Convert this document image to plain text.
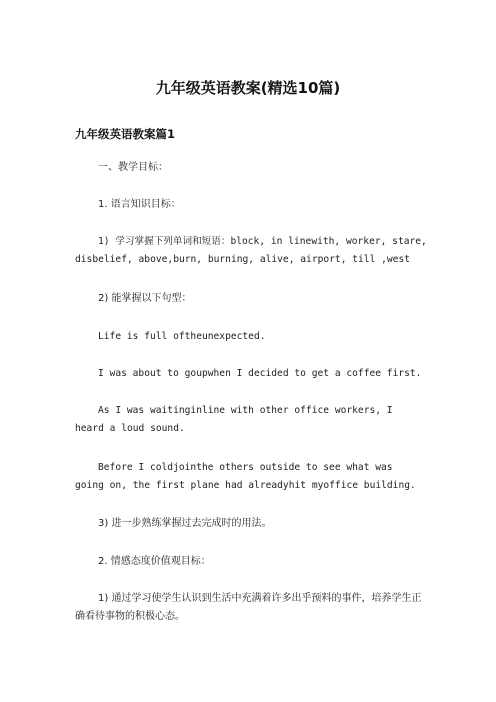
九年级英语教案(精选10篇)
九年级英语教案篇1
一、教学目标：
1. 语言知识目标：
1) 学习掌握下列单词和短语：block, in linewith, worker, stare, disbelief, above,burn, burning, alive, airport, till ,west
2) 能掌握以下句型：
Life is full oftheunexpected.
I was about to goupwhen I decided to get a coffee first.
As I was waitinginline with other office workers, I heard a loud sound.
Before I coldjointhe others outside to see what was going on, the first plane had alreadyhit myoffice building.
3) 进一步熟练掌握过去完成时的用法。
2. 情感态度价值观目标：
1) 通过学习使学生认识到生活中充满着许多出乎预料的事件，培养学生正确看待事物的积极心态。
